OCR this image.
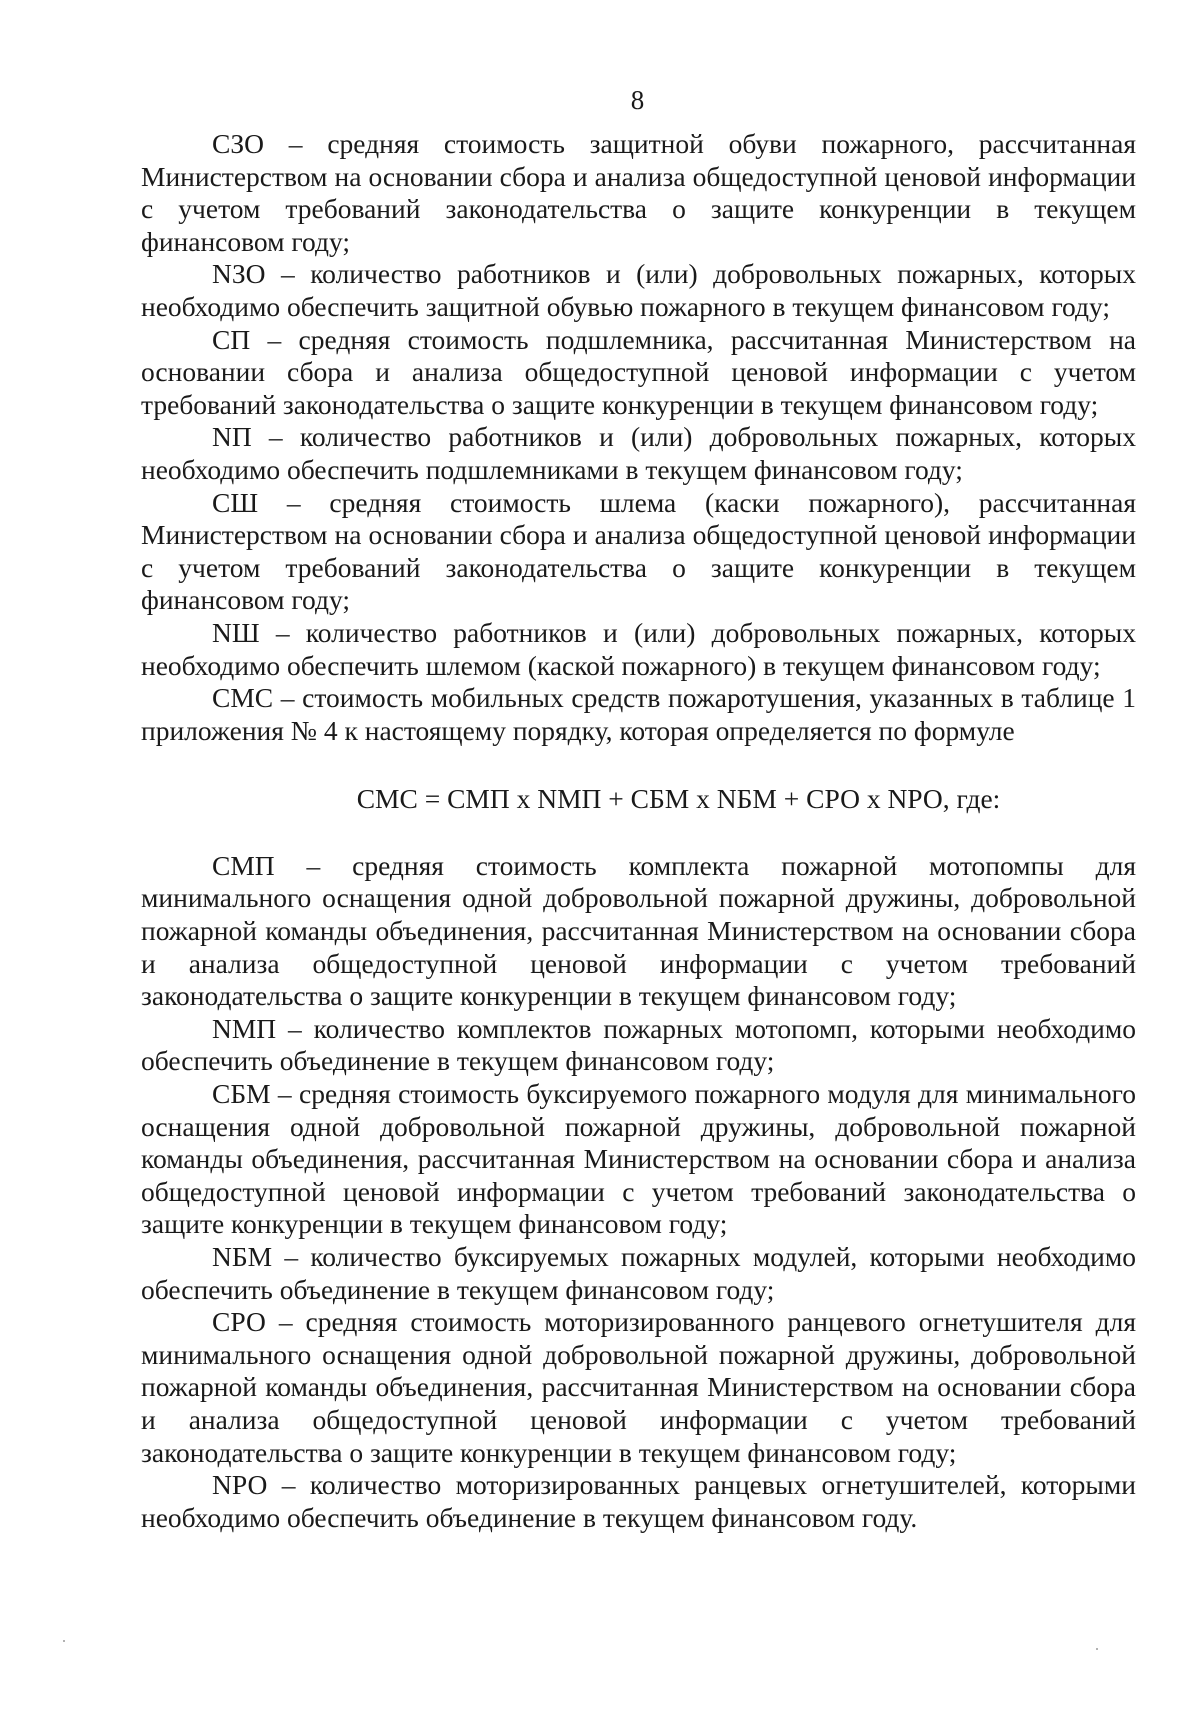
8

СЗО – средняя стоимость защитной обуви пожарного, рассчитанная Министерством на основании сбора и анализа общедоступной ценовой информации с учетом требований законодательства о защите конкуренции в текущем финансовом году;

NЗО – количество работников и (или) добровольных пожарных, которых необходимо обеспечить защитной обувью пожарного в текущем финансовом году;

СП – средняя стоимость подшлемника, рассчитанная Министерством на основании сбора и анализа общедоступной ценовой информации с учетом требований законодательства о защите конкуренции в текущем финансовом году;

NП – количество работников и (или) добровольных пожарных, которых необходимо обеспечить подшлемниками в текущем финансовом году;

СШ – средняя стоимость шлема (каски пожарного), рассчитанная Министерством на основании сбора и анализа общедоступной ценовой информации с учетом требований законодательства о защите конкуренции в текущем финансовом году;

NШ – количество работников и (или) добровольных пожарных, которых необходимо обеспечить шлемом (каской пожарного) в текущем финансовом году;

СМС – стоимость мобильных средств пожаротушения, указанных в таблице 1 приложения № 4 к настоящему порядку, которая определяется по формуле

СМС = СМП х NМП + СБМ х NБМ + СРО х NРО, где:

СМП – средняя стоимость комплекта пожарной мотопомпы для минимального оснащения одной добровольной пожарной дружины, добровольной пожарной команды объединения, рассчитанная Министерством на основании сбора и анализа общедоступной ценовой информации с учетом требований законодательства о защите конкуренции в текущем финансовом году;

NМП – количество комплектов пожарных мотопомп, которыми необходимо обеспечить объединение в текущем финансовом году;

СБМ – средняя стоимость буксируемого пожарного модуля для минимального оснащения одной добровольной пожарной дружины, добровольной пожарной команды объединения, рассчитанная Министерством на основании сбора и анализа общедоступной ценовой информации с учетом требований законодательства о защите конкуренции в текущем финансовом году;

NБМ – количество буксируемых пожарных модулей, которыми необходимо обеспечить объединение в текущем финансовом году;

СРО – средняя стоимость моторизированного ранцевого огнетушителя для минимального оснащения одной добровольной пожарной дружины, добровольной пожарной команды объединения, рассчитанная Министерством на основании сбора и анализа общедоступной ценовой информации с учетом требований законодательства о защите конкуренции в текущем финансовом году;

NРО – количество моторизированных ранцевых огнетушителей, которыми необходимо обеспечить объединение в текущем финансовом году.
